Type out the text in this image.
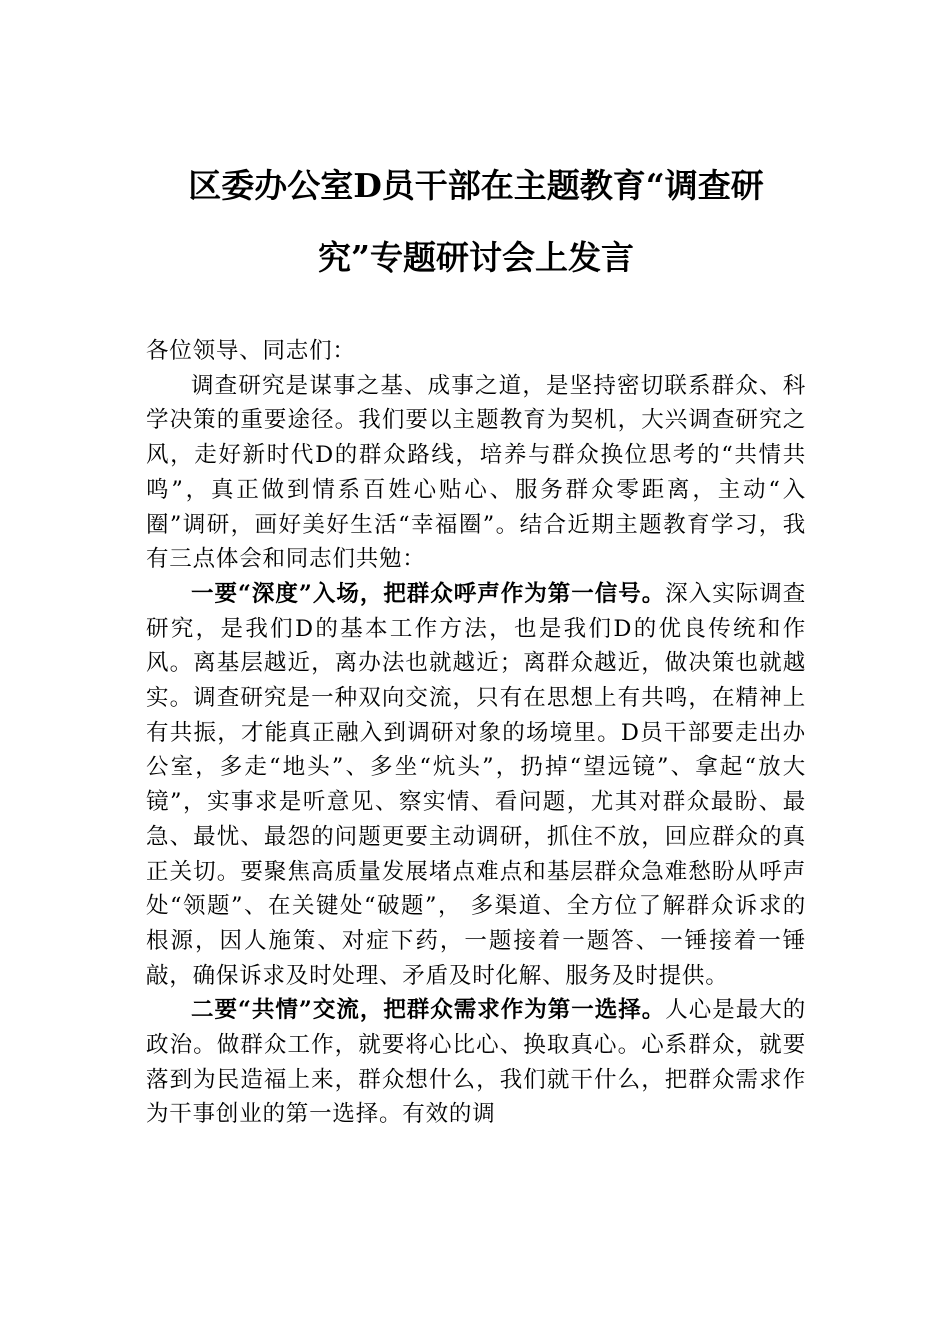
区委办公室D员干部在主题教育“调查研究”专题研讨会上发言

各位领导、同志们：

调查研究是谋事之基、成事之道，是坚持密切联系群众、科学决策的重要途径。我们要以主题教育为契机，大兴调查研究之风，走好新时代D的群众路线，培养与群众换位思考的“共情共鸣”，真正做到情系百姓心贴心、服务群众零距离，主动“入圈”调研，画好美好生活“幸福圈”。结合近期主题教育学习，我有三点体会和同志们共勉：

一要“深度”入场，把群众呼声作为第一信号。深入实际调查研究，是我们D的基本工作方法，也是我们D的优良传统和作风。离基层越近，离办法也就越近；离群众越近，做决策也就越实。调查研究是一种双向交流，只有在思想上有共鸣，在精神上有共振，才能真正融入到调研对象的场境里。D员干部要走出办公室，多走“地头”、多坐“炕头”，扔掉“望远镜”、拿起“放大镜”，实事求是听意见、察实情、看问题，尤其对群众最盼、最急、最忧、最怨的问题更要主动调研，抓住不放，回应群众的真正关切。要聚焦高质量发展堵点难点和基层群众急难愁盼从呼声处“领题”、在关键处“破题”， 多渠道、全方位了解群众诉求的根源，因人施策、对症下药，一题接着一题答、一锤接着一锤敲，确保诉求及时处理、矛盾及时化解、服务及时提供。

二要“共情”交流，把群众需求作为第一选择。人心是最大的政治。做群众工作，就要将心比心、换取真心。心系群众，就要落到为民造福上来，群众想什么，我们就干什么，把群众需求作为干事创业的第一选择。有效的调
